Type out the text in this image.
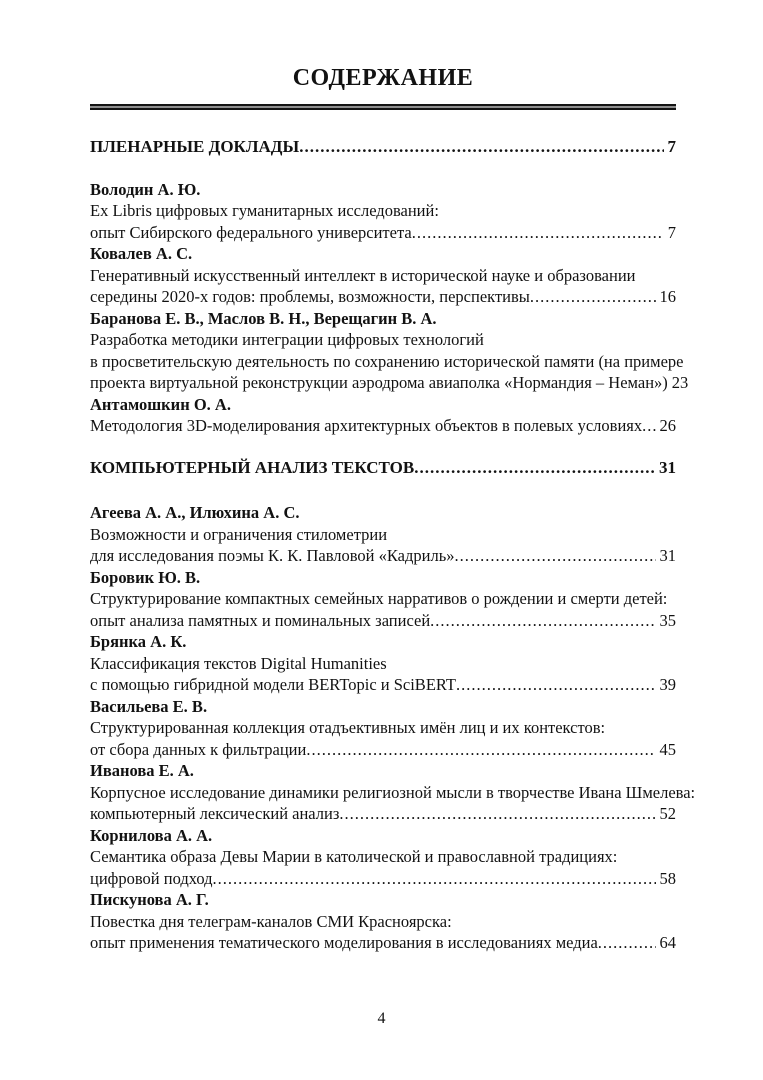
СОДЕРЖАНИЕ

ПЛЕНАРНЫЕ ДОКЛАДЫ .....	7

Володин А. Ю.

Ex Libris цифровых гуманитарных исследований:

опыт Сибирского федерального университета .....	7

Ковалев А. С.

Генеративный искусственный интеллект в исторической науке и образовании

середины 2020-х годов: проблемы, возможности, перспективы .....	16

Баранова Е. В., Маслов В. Н., Верещагин В. А.

Разработка методики интеграции цифровых технологий

в просветительскую деятельность по сохранению исторической памяти (на примере

проекта виртуальной реконструкции аэродрома авиаполка «Нормандия – Неман») 23

Антамошкин О. А.

Методология 3D-моделирования архитектурных объектов в полевых условиях ..... 26

КОМПЬЮТЕРНЫЙ АНАЛИЗ ТЕКСТОВ .....	31

Агеева А. А., Илюхина А. С.

Возможности и ограничения стилометрии

для исследования поэмы К. К. Павловой «Кадриль» .....	31

Боровик Ю. В.

Структурирование компактных семейных нарративов о рождении и смерти детей:

опыт анализа памятных и поминальных записей .....	35

Брянка А. К.

Классификация текстов Digital Humanities

с помощью гибридной модели BERTopic и SciBERT .....	39

Васильева Е. В.

Структурированная коллекция отадъективных имён лиц и их контекстов:

от сбора данных к фильтрации .....	45

Иванова Е. А.

Корпусное исследование динамики религиозной мысли в творчестве Ивана Шмелева:

компьютерный лексический анализ .....	52

Корнилова А. А.

Семантика образа Девы Марии в католической и православной традициях:

цифровой подход .....	58

Пискунова А. Г.

Повестка дня телеграм-каналов СМИ Красноярска:

опыт применения тематического моделирования в исследованиях медиа .....	64

4
